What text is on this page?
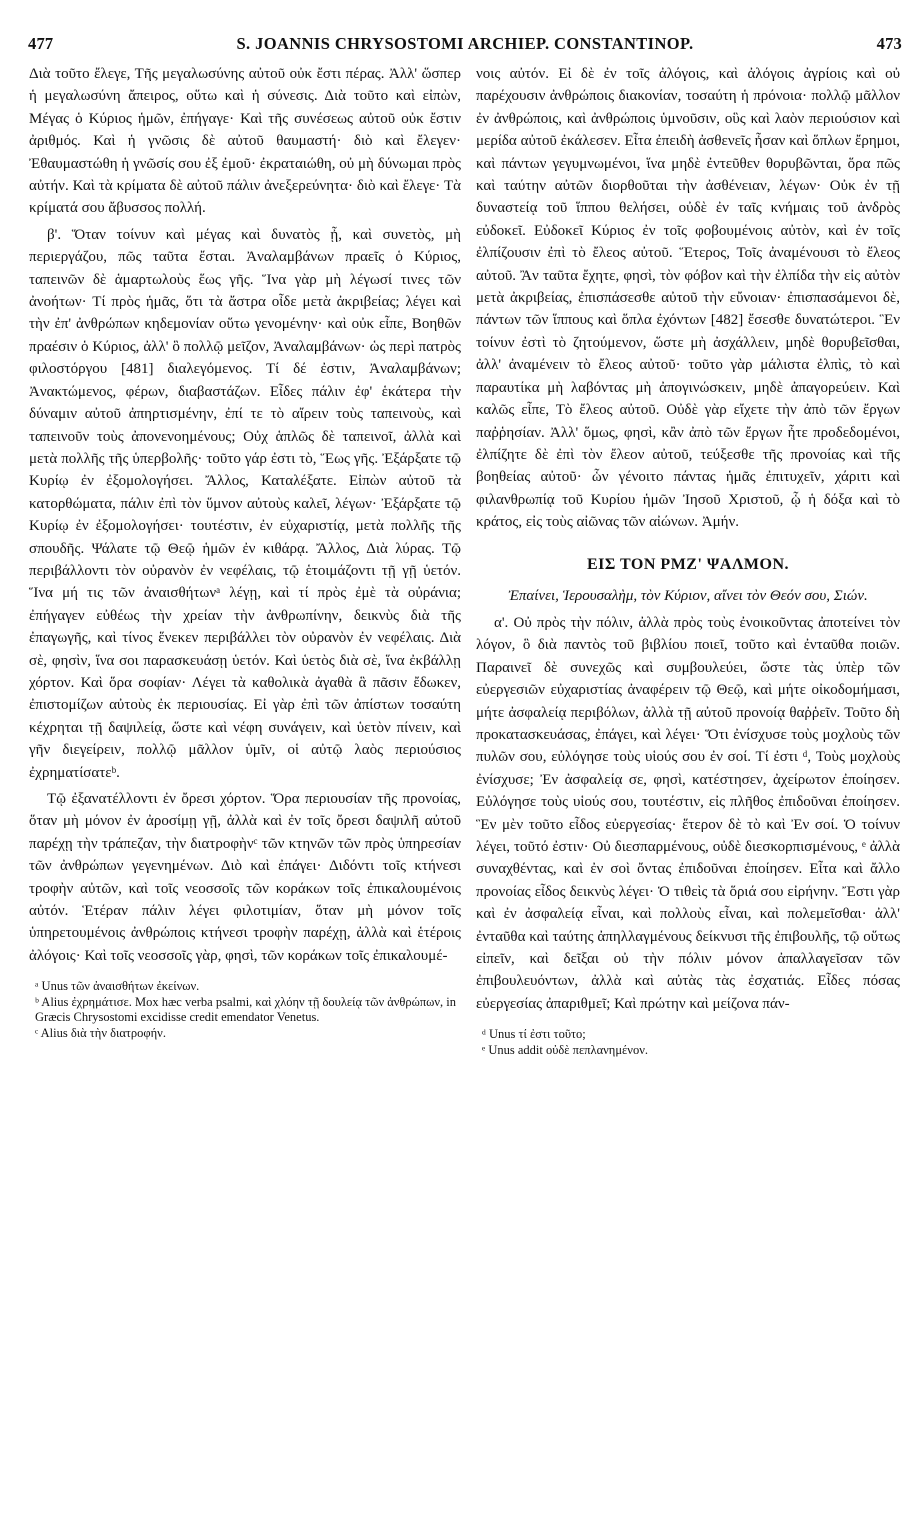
477	S. JOANNIS CHRYSOSTOMI ARCHIEP. CONSTANTINOP.	473

Διὰ τοῦτο ἔλεγε, Τῆς μεγαλωσύνης αὐτοῦ οὐκ ἔστι πέρας. Ἀλλ' ὥσπερ ἡ μεγαλωσύνη ἄπειρος, οὕτω καὶ ἡ σύνεσις. Διὰ τοῦτο καὶ εἰπὼν, Μέγας ὁ Κύριος ἡμῶν, ἐπήγαγε· Καὶ τῆς συνέσεως αὐτοῦ οὐκ ἔστιν ἀριθμός. Καὶ ἡ γνῶσις δὲ αὐτοῦ θαυμαστή· διὸ καὶ ἔλεγεν· Ἐθαυμαστώθη ἡ γνῶσίς σου ἐξ ἐμοῦ· ἐκραταιώθη, οὐ μὴ δύνωμαι πρὸς αὐτήν. Καὶ τὰ κρίματα δὲ αὐτοῦ πάλιν ἀνεξερεύνητα· διὸ καὶ ἔλεγε· Τὰ κρίματά σου ἄβυσσος πολλή.

β'. Ὅταν τοίνυν καὶ μέγας καὶ δυνατὸς ᾖ, καὶ συνετὸς, μὴ περιεργάζου, πῶς ταῦτα ἔσται. Ἀναλαμβάνων πραεῖς ὁ Κύριος, ταπεινῶν δὲ ἁμαρτωλοὺς ἕως γῆς. Ἵνα γὰρ μὴ λέγωσί τινες τῶν ἀνοήτων· Τί πρὸς ἡμᾶς, ὅτι τὰ ἄστρα οἶδε μετὰ ἀκριβείας; λέγει καὶ τὴν ἐπ' ἀνθρώπων κηδεμονίαν οὕτω γενομένην· καὶ οὐκ εἶπε, Βοηθῶν πραέσιν ὁ Κύριος, ἀλλ' ὃ πολλῷ μεῖζον, Ἀναλαμβάνων· ὡς περὶ πατρὸς φιλοστόργου [481] διαλεγόμενος. Τί δέ ἐστιν, Ἀναλαμβάνων; Ἀνακτώμενος, φέρων, διαβαστάζων. Εἶδες πάλιν ἐφ' ἑκάτερα τὴν δύναμιν αὐτοῦ ἀπηρτισμένην, ἐπί τε τὸ αἴρειν τοὺς ταπεινοὺς, καὶ ταπεινοῦν τοὺς ἀπονενοημένους; Οὐχ ἁπλῶς δὲ ταπεινοῖ, ἀλλὰ καὶ μετὰ πολλῆς τῆς ὑπερβολῆς· τοῦτο γάρ ἐστι τὸ, Ἕως γῆς. Ἐξάρξατε τῷ Κυρίῳ ἐν ἐξομολογήσει. Ἄλλος, Καταλέξατε. Εἰπὼν αὐτοῦ τὰ κατορθώματα, πάλιν ἐπὶ τὸν ὕμνον αὐτοὺς καλεῖ, λέγων· Ἐξάρξατε τῷ Κυρίῳ ἐν ἐξομολογήσει· τουτέστιν, ἐν εὐχαριστίᾳ, μετὰ πολλῆς τῆς σπουδῆς. Ψάλατε τῷ Θεῷ ἡμῶν ἐν κιθάρᾳ. Ἄλλος, Διὰ λύρας. Τῷ περιβάλλοντι τὸν οὐρανὸν ἐν νεφέλαις, τῷ ἑτοιμάζοντι τῇ γῇ ὑετόν. Ἵνα μή τις τῶν ἀναισθήτωνᵃ λέγῃ, καὶ τί πρὸς ἐμὲ τὰ οὐράνια; ἐπήγαγεν εὐθέως τὴν χρείαν τὴν ἀνθρωπίνην, δεικνὺς διὰ τῆς ἐπαγωγῆς, καὶ τίνος ἕνεκεν περιβάλλει τὸν οὐρανὸν ἐν νεφέλαις. Διὰ σὲ, φησὶν, ἵνα σοι παρασκευάσῃ ὑετόν. Καὶ ὑετὸς διὰ σὲ, ἵνα ἐκβάλλῃ χόρτον. Καὶ ὅρα σοφίαν· Λέγει τὰ καθολικὰ ἀγαθὰ ἃ πᾶσιν ἔδωκεν, ἐπιστομίζων αὐτοὺς ἐκ περιουσίας. Εἰ γὰρ ἐπὶ τῶν ἀπίστων τοσαύτη κέχρηται τῇ δαψιλείᾳ, ὥστε καὶ νέφη συνάγειν, καὶ ὑετὸν πίνειν, καὶ γῆν διεγείρειν, πολλῷ μᾶλλον ὑμῖν, οἱ αὐτῷ λαὸς περιούσιος ἐχρηματίσατεᵇ.

Τῷ ἐξανατέλλοντι ἐν ὄρεσι χόρτον. Ὅρα περιουσίαν τῆς προνοίας, ὅταν μὴ μόνον ἐν ἀροσίμῃ γῇ, ἀλλὰ καὶ ἐν τοῖς ὄρεσι δαψιλῆ αὐτοῦ παρέχῃ τὴν τράπεζαν, τὴν διατροφὴνᶜ τῶν κτηνῶν τῶν πρὸς ὑπηρεσίαν τῶν ἀνθρώπων γεγενημένων. Διὸ καὶ ἐπάγει· Διδόντι τοῖς κτήνεσι τροφὴν αὐτῶν, καὶ τοῖς νεοσσοῖς τῶν κοράκων τοῖς ἐπικαλουμένοις αὐτόν. Ἑτέραν πάλιν λέγει φιλοτιμίαν, ὅταν μὴ μόνον τοῖς ὑπηρετουμένοις ἀνθρώποις κτήνεσι τροφὴν παρέχῃ, ἀλλὰ καὶ ἑτέροις ἀλόγοις· Καὶ τοῖς νεοσσοῖς γὰρ, φησὶ, τῶν κοράκων τοῖς ἐπικαλουμέ-

ᵃ Unus τῶν ἀναισθήτων ἐκείνων.
ᵇ Alius ἐχρημάτισε. Mox hæc verba psalmi, καὶ χλόην τῇ δουλείᾳ τῶν ἀνθρώπων, in Græcis Chrysostomi excidisse credit emendator Venetus.
ᶜ Alius διὰ τὴν διατροφήν.

νοις αὐτόν. Εἰ δὲ ἐν τοῖς ἀλόγοις, καὶ ἀλόγοις ἀγρίοις καὶ οὐ παρέχουσιν ἀνθρώποις διακονίαν, τοσαύτη ἡ πρόνοια· πολλῷ μᾶλλον ἐν ἀνθρώποις, καὶ ἀνθρώποις ὑμνοῦσιν, οὓς καὶ λαὸν περιούσιον καὶ μερίδα αὐτοῦ ἐκάλεσεν. Εἶτα ἐπειδὴ ἀσθενεῖς ἦσαν καὶ ὅπλων ἔρημοι, καὶ πάντων γεγυμνωμένοι, ἵνα μηδὲ ἐντεῦθεν θορυβῶνται, ὅρα πῶς καὶ ταύτην αὐτῶν διορθοῦται τὴν ἀσθένειαν, λέγων· Οὐκ ἐν τῇ δυναστείᾳ τοῦ ἵππου θελήσει, οὐδὲ ἐν ταῖς κνήμαις τοῦ ἀνδρὸς εὐδοκεῖ. Εὐδοκεῖ Κύριος ἐν τοῖς φοβουμένοις αὐτὸν, καὶ ἐν τοῖς ἐλπίζουσιν ἐπὶ τὸ ἔλεος αὐτοῦ. Ἕτερος, Τοῖς ἀναμένουσι τὸ ἔλεος αὐτοῦ. Ἂν ταῦτα ἔχητε, φησὶ, τὸν φόβον καὶ τὴν ἐλπίδα τὴν εἰς αὐτὸν μετὰ ἀκριβείας, ἐπισπάσεσθε αὐτοῦ τὴν εὔνοιαν· ἐπισπασάμενοι δὲ, πάντων τῶν ἵππους καὶ ὅπλα ἐχόντων [482] ἔσεσθε δυνατώτεροι. Ἓν τοίνυν ἐστὶ τὸ ζητούμενον, ὥστε μὴ ἀσχάλλειν, μηδὲ θορυβεῖσθαι, ἀλλ' ἀναμένειν τὸ ἔλεος αὐτοῦ· τοῦτο γὰρ μάλιστα ἐλπὶς, τὸ καὶ παραυτίκα μὴ λαβόντας μὴ ἀπογινώσκειν, μηδὲ ἀπαγορεύειν. Καὶ καλῶς εἶπε, Τὸ ἔλεος αὐτοῦ. Οὐδὲ γὰρ εἴχετε τὴν ἀπὸ τῶν ἔργων παῤῥησίαν. Ἀλλ' ὅμως, φησὶ, κἂν ἀπὸ τῶν ἔργων ἦτε προδεδομένοι, ἐλπίζητε δὲ ἐπὶ τὸν ἔλεον αὐτοῦ, τεύξεσθε τῆς προνοίας καὶ τῆς βοηθείας αὐτοῦ· ὧν γένοιτο πάντας ἡμᾶς ἐπιτυχεῖν, χάριτι καὶ φιλανθρωπίᾳ τοῦ Κυρίου ἡμῶν Ἰησοῦ Χριστοῦ, ᾧ ἡ δόξα καὶ τὸ κράτος, εἰς τοὺς αἰῶνας τῶν αἰώνων. Ἀμήν.

ΕΙΣ ΤΟΝ ΡΜΖ' ΨΑΛΜΟΝ.
Ἐπαίνει, Ἱερουσαλὴμ, τὸν Κύριον, αἴνει τὸν Θεόν σου, Σιών.

α'. Οὐ πρὸς τὴν πόλιν, ἀλλὰ πρὸς τοὺς ἐνοικοῦντας ἀποτείνει τὸν λόγον, ὃ διὰ παντὸς τοῦ βιβλίου ποιεῖ, τοῦτο καὶ ἐνταῦθα ποιῶν. Παραινεῖ δὲ συνεχῶς καὶ συμβουλεύει, ὥστε τὰς ὑπὲρ τῶν εὐεργεσιῶν εὐχαριστίας ἀναφέρειν τῷ Θεῷ, καὶ μήτε οἰκοδομήμασι, μήτε ἀσφαλείᾳ περιβόλων, ἀλλὰ τῇ αὐτοῦ προνοίᾳ θαῤῥεῖν. Τοῦτο δὴ προκατασκευάσας, ἐπάγει, καὶ λέγει· Ὅτι ἐνίσχυσε τοὺς μοχλοὺς τῶν πυλῶν σου, εὐλόγησε τοὺς υἱούς σου ἐν σοί. Τί ἐστι ᵈ, Τοὺς μοχλοὺς ἐνίσχυσε; Ἐν ἀσφαλείᾳ σε, φησὶ, κατέστησεν, ἀχείρωτον ἐποίησεν. Εὐλόγησε τοὺς υἱούς σου, τουτέστιν, εἰς πλῆθος ἐπιδοῦναι ἐποίησεν. Ἓν μὲν τοῦτο εἶδος εὐεργεσίας· ἕτερον δὲ τὸ καὶ Ἐν σοί. Ὁ τοίνυν λέγει, τοῦτό ἐστιν· Οὐ διεσπαρμένους, οὐδὲ διεσκορπισμένους, ᵉ ἀλλὰ συναχθέντας, καὶ ἐν σοὶ ὄντας ἐπιδοῦναι ἐποίησεν. Εἶτα καὶ ἄλλο προνοίας εἶδος δεικνὺς λέγει· Ὁ τιθεὶς τὰ ὅριά σου εἰρήνην. Ἔστι γὰρ καὶ ἐν ἀσφαλείᾳ εἶναι, καὶ πολλοὺς εἶναι, καὶ πολεμεῖσθαι· ἀλλ' ἐνταῦθα καὶ ταύτης ἀπηλλαγμένους δείκνυσι τῆς ἐπιβουλῆς, τῷ οὕτως εἰπεῖν, καὶ δεῖξαι οὐ τὴν πόλιν μόνον ἀπαλλαγεῖσαν τῶν ἐπιβουλευόντων, ἀλλὰ καὶ αὐτὰς τὰς ἐσχατιάς. Εἶδες πόσας εὐεργεσίας ἀπαριθμεῖ; Καὶ πρώτην καὶ μείζονα πάν-

ᵈ Unus τί ἐστι τοῦτο;
ᵉ Unus addit οὐδὲ πεπλανημένον.
